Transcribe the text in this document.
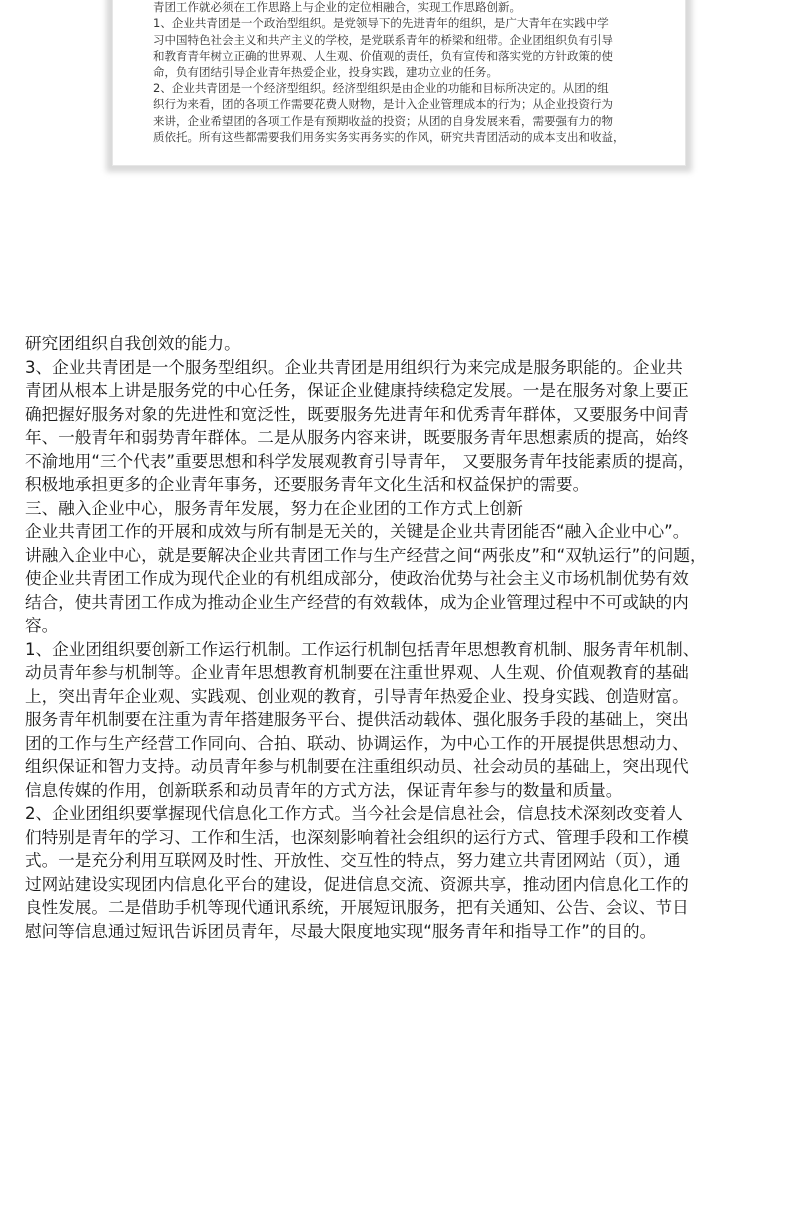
青团工作就必须在工作思路上与企业的定位相融合，实现工作思路创新。
1、企业共青团是一个政治型组织。是党领导下的先进青年的组织，是广大青年在实践中学
习中国特色社会主义和共产主义的学校，是党联系青年的桥梁和纽带。企业团组织负有引导
和教育青年树立正确的世界观、人生观、价值观的责任，负有宣传和落实党的方针政策的使
命，负有团结引导企业青年热爱企业，投身实践，建功立业的任务。
2、企业共青团是一个经济型组织。经济型组织是由企业的功能和目标所决定的。从团的组
织行为来看，团的各项工作需要花费人财物，是计入企业管理成本的行为；从企业投资行为
来讲，企业希望团的各项工作是有预期收益的投资；从团的自身发展来看，需要强有力的物
质依托。所有这些都需要我们用务实务实再务实的作风，研究共青团活动的成本支出和收益，
研究团组织自我创效的能力。
3、企业共青团是一个服务型组织。企业共青团是用组织行为来完成是服务职能的。企业共
青团从根本上讲是服务党的中心任务，保证企业健康持续稳定发展。一是在服务对象上要正
确把握好服务对象的先进性和宽泛性，既要服务先进青年和优秀青年群体，又要服务中间青
年、一般青年和弱势青年群体。二是从服务内容来讲，既要服务青年思想素质的提高，始终
不渝地用“三个代表”重要思想和科学发展观教育引导青年， 又要服务青年技能素质的提高，
积极地承担更多的企业青年事务，还要服务青年文化生活和权益保护的需要。
三、融入企业中心，服务青年发展，努力在企业团的工作方式上创新
企业共青团工作的开展和成效与所有制是无关的，关键是企业共青团能否“融入企业中心”。
讲融入企业中心，就是要解决企业共青团工作与生产经营之间“两张皮”和“双轨运行”的问题，
使企业共青团工作成为现代企业的有机组成部分，使政治优势与社会主义市场机制优势有效
结合，使共青团工作成为推动企业生产经营的有效载体，成为企业管理过程中不可或缺的内
容。
1、企业团组织要创新工作运行机制。工作运行机制包括青年思想教育机制、服务青年机制、
动员青年参与机制等。企业青年思想教育机制要在注重世界观、人生观、价值观教育的基础
上，突出青年企业观、实践观、创业观的教育，引导青年热爱企业、投身实践、创造财富。
服务青年机制要在注重为青年搭建服务平台、提供活动载体、强化服务手段的基础上，突出
团的工作与生产经营工作同向、合拍、联动、协调运作，为中心工作的开展提供思想动力、
组织保证和智力支持。动员青年参与机制要在注重组织动员、社会动员的基础上，突出现代
信息传媒的作用，创新联系和动员青年的方式方法，保证青年参与的数量和质量。
2、企业团组织要掌握现代信息化工作方式。当今社会是信息社会，信息技术深刻改变着人
们特别是青年的学习、工作和生活，也深刻影响着社会组织的运行方式、管理手段和工作模
式。一是充分利用互联网及时性、开放性、交互性的特点，努力建立共青团网站（页），通
过网站建设实现团内信息化平台的建设，促进信息交流、资源共享，推动团内信息化工作的
良性发展。二是借助手机等现代通讯系统，开展短讯服务，把有关通知、公告、会议、节日
慰问等信息通过短讯告诉团员青年，尽最大限度地实现“服务青年和指导工作”的目的。
